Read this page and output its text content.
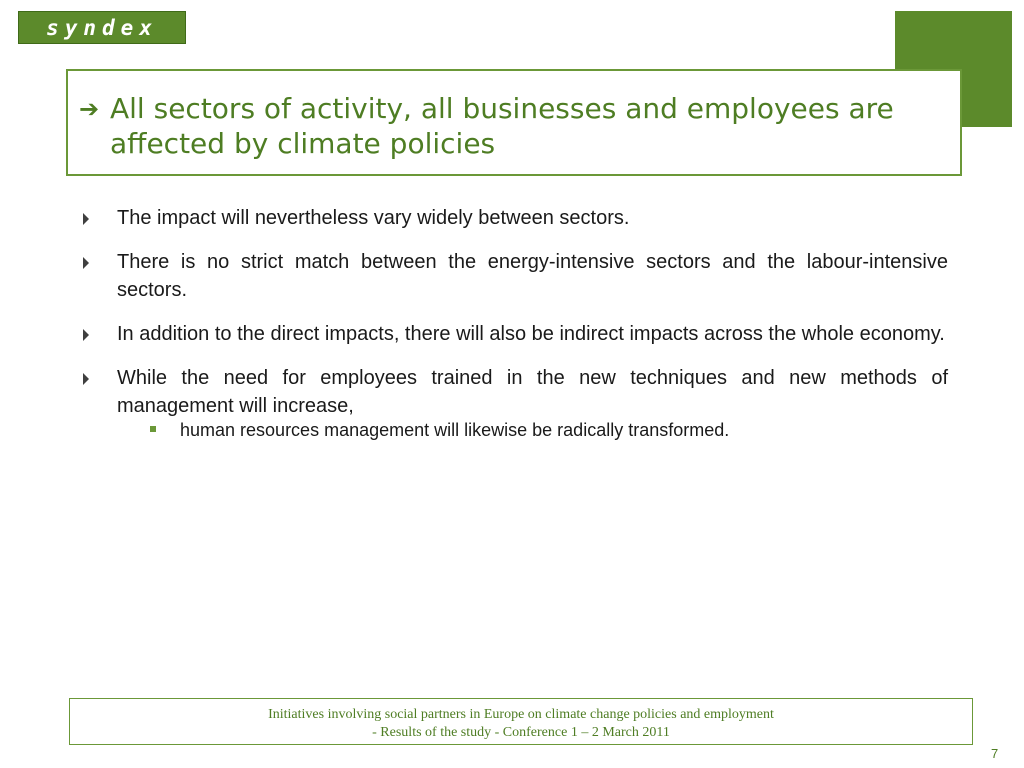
syndex
➔ All sectors of activity, all businesses and employees are affected by climate policies
The impact will nevertheless vary widely between sectors.
There is no strict match between the energy-intensive sectors and the labour-intensive sectors.
In addition to the direct impacts, there will also be indirect impacts across the whole economy.
While the need for employees trained in the new techniques and new methods of management will increase,
human resources management will likewise be radically transformed.
Initiatives involving social partners in Europe on climate change policies and employment
- Results of the study - Conference 1 – 2 March 2011
7
